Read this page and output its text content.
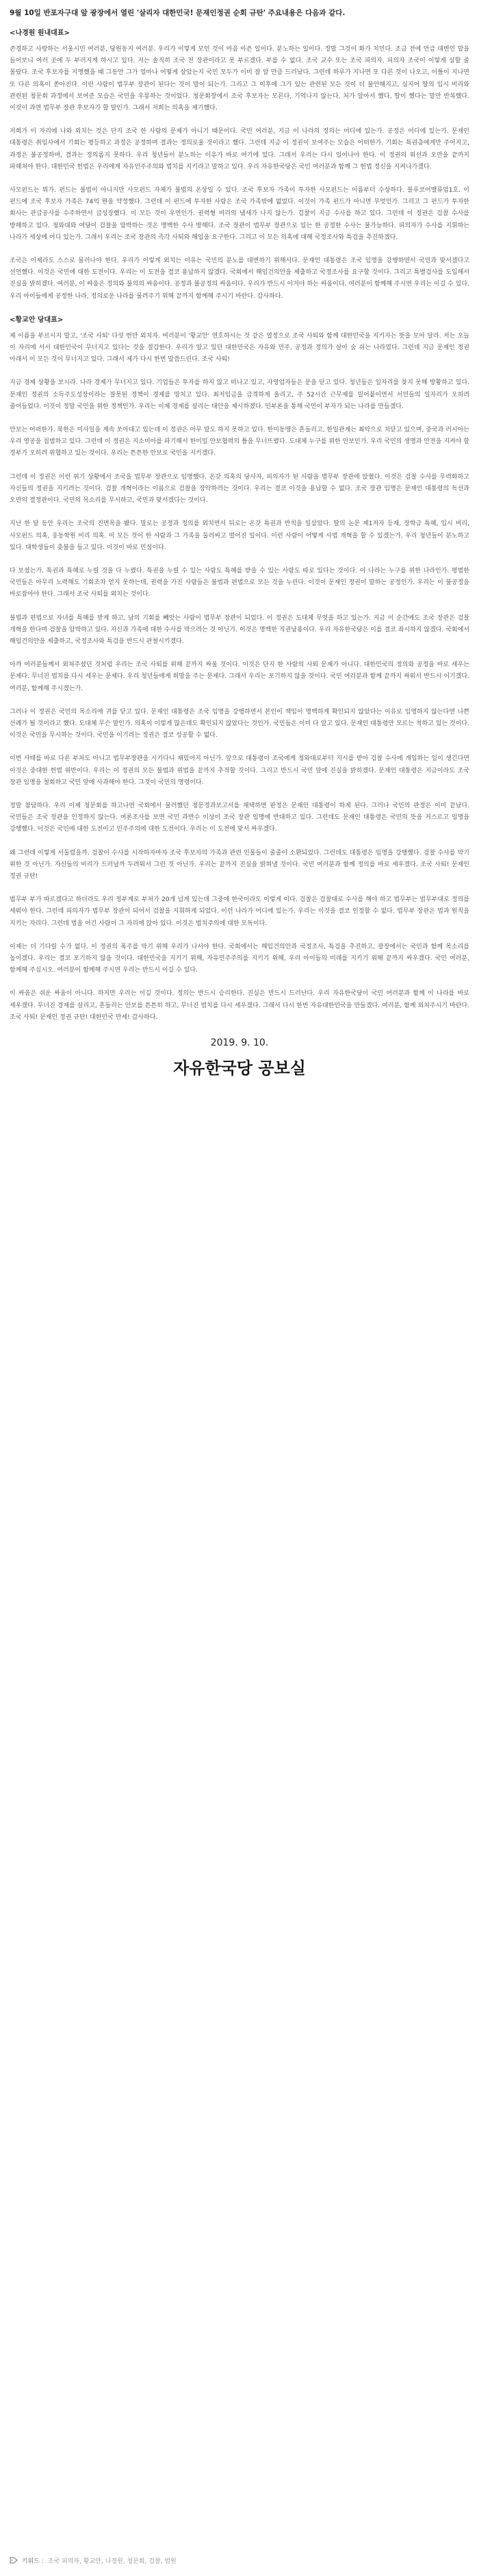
9월 10일 반포자구대 앞 광장에서 열린 '살리자 대한민국! 문재인정권 순회 규탄' 주요내용은 다음과 같다.
<나경원 원내대표>

존경하고 사랑하는 서울시민 여러분, 당원동지 여러분. 우리가 이렇게 모인 것이 마음 아픈 일이다. 분노하는 일이다. 정말 그것이 화가 치민다. 조금 전에 언급 대변인 말을 들어보니 여러 곳에 두 부러지게 하시고 있다. 저는 솔직히 조국 전 장관이라고 못 부르겠다. 부를 수 없다. 조국 교수 또는 조국 피의자. 피의자 조국이 이렇게 심할 줄 몰랐다. 조국 후보자를 지명했을 때 그동안 그가 얼마나 어떻게 살았는지 국민 모두가 이미 잘 알 만큼 드러났다. 그런데 하루가 지나면 또 다른 것이 나오고, 이틀이 지나면 또 다른 의혹이 쏟아진다. 이런 사람이 법무부 장관이 된다는 것이 말이 되는가. 그리고 그 이후에 그가 있는 관련된 모든 것이 더 불안해지고, 심지어 딸의 입시 비리와 관련된 청문회 과정에서 보여준 모습은 국민을 우롱하는 것이었다. 청문회장에서 조국 후보자는 모른다, 기억나지 않는다, 처가 알아서 했다, 딸이 했다는 말만 반복했다. 이것이 과연 법무부 장관 후보자가 할 말인가. 그래서 저희는 의혹을 제기했다.

저희가 이 자리에 나와 외치는 것은 단지 조국 한 사람의 문제가 아니기 때문이다. 국민 여러분, 지금 이 나라의 정의는 어디에 있는가. 공정은 어디에 있는가. 문재인 대통령은 취임사에서 기회는 평등하고 과정은 공정하며 결과는 정의로울 것이라고 했다. 그런데 지금 이 정권이 보여주는 모습은 어떠한가. 기회는 특권층에게만 주어지고, 과정은 불공정하며, 결과는 정의롭지 못하다. 우리 청년들이 분노하는 이유가 바로 여기에 있다. 그래서 우리는 다시 일어나야 한다. 이 정권의 위선과 오만을 끝까지 파헤쳐야 한다. 대한민국 헌법은 우리에게 자유민주주의와 법치를 지키라고 말하고 있다. 우리 자유한국당은 국민 여러분과 함께 그 헌법 정신을 지켜나가겠다.

사모펀드는 뭐가. 펀드는 불법이 아니지만 사모펀드 자체가 불법의 온상일 수 있다. 조국 후보자 가족이 투자한 사모펀드는 이름부터 수상하다. 블루코어밸류업1호. 이 펀드에 조국 후보자 가족은 74억 원을 약정했다. 그런데 이 펀드에 투자한 사람은 조국 가족밖에 없었다. 이것이 가족 펀드가 아니면 무엇인가. 그리고 그 펀드가 투자한 회사는 관급공사를 수주하면서 급성장했다. 이 모든 것이 우연인가. 권력형 비리의 냄새가 나지 않는가. 검찰이 지금 수사를 하고 있다. 그런데 이 정권은 검찰 수사를 방해하고 있다. 청와대와 여당이 검찰을 압박하는 것은 명백한 수사 방해다. 조국 장관이 법무부 장관으로 있는 한 공정한 수사는 불가능하다. 피의자가 수사를 지휘하는 나라가 세상에 어디 있는가. 그래서 우리는 조국 장관의 즉각 사퇴와 해임을 요구한다. 그리고 이 모든 의혹에 대해 국정조사와 특검을 추진하겠다.

조국은 이제라도 스스로 물러나야 한다. 우리가 이렇게 외치는 이유는 국민의 분노를 대변하기 위해서다. 문재인 대통령은 조국 임명을 강행하면서 국민과 맞서겠다고 선언했다. 이것은 국민에 대한 도전이다. 우리는 이 도전을 결코 용납하지 않겠다. 국회에서 해임건의안을 제출하고 국정조사를 요구할 것이다. 그리고 특별검사를 도입해서 진실을 밝히겠다. 여러분, 이 싸움은 정의와 불의의 싸움이다. 공정과 불공정의 싸움이다. 우리가 반드시 이겨야 하는 싸움이다. 여러분이 함께해 주시면 우리는 이길 수 있다. 우리 아이들에게 공정한 나라, 정의로운 나라를 물려주기 위해 끝까지 함께해 주시기 바란다. 감사하다.

<황교안 당대표>

제 이름을 부르시지 말고, '조국 사퇴' 다섯 번만 외치자. 여러분이 '황교안' 연호하시는 것 같은 열정으로 조국 사퇴와 함께 대한민국을 지키자는 뜻을 모아 달라. 저는 오늘 이 자리에 서서 대한민국이 무너지고 있다는 것을 절감한다. 우리가 알고 있던 대한민국은 자유와 민주, 공정과 정의가 살아 숨 쉬는 나라였다. 그런데 지금 문재인 정권 아래서 이 모든 것이 무너지고 있다. 그래서 제가 다시 한번 말씀드린다. 조국 사퇴!

지금 경제 상황을 보시라. 나라 경제가 무너지고 있다. 기업들은 투자를 하지 않고 떠나고 있고, 자영업자들은 문을 닫고 있다. 청년들은 일자리를 찾지 못해 방황하고 있다. 문재인 정권의 소득주도성장이라는 잘못된 정책이 경제를 망치고 있다. 최저임금을 급격하게 올리고, 주 52시간 근무제를 밀어붙이면서 서민들의 일자리가 오히려 줄어들었다. 이것이 정말 국민을 위한 정책인가. 우리는 이제 경제를 살리는 대안을 제시하겠다. 민부론을 통해 국민이 부자가 되는 나라를 만들겠다.

안보는 어떠한가. 북한은 미사일을 계속 쏘아대고 있는데 이 정권은 아무 말도 하지 못하고 있다. 한미동맹은 흔들리고, 한일관계는 최악으로 치닫고 있으며, 중국과 러시아는 우리 영공을 침범하고 있다. 그런데 이 정권은 지소미아를 파기해서 한미일 안보협력의 틀을 무너뜨렸다. 도대체 누구를 위한 안보인가. 우리 국민의 생명과 안전을 지켜야 할 정부가 오히려 위협하고 있는 것이다. 우리는 튼튼한 안보로 국민을 지키겠다.

그런데 이 정권은 이런 위기 상황에서 조국을 법무부 장관으로 임명했다. 온갖 의혹의 당사자, 피의자가 된 사람을 법무부 장관에 앉혔다. 이것은 검찰 수사를 무력화하고 자신들의 정권을 지키려는 것이다. 검찰 개혁이라는 이름으로 검찰을 장악하려는 것이다. 우리는 결코 이것을 용납할 수 없다. 조국 장관 임명은 문재인 대통령의 독선과 오만의 결정판이다. 국민의 목소리를 무시하고, 국민과 맞서겠다는 것이다.

지난 한 달 동안 우리는 조국의 진면목을 봤다. 말로는 공정과 정의를 외치면서 뒤로는 온갖 특권과 반칙을 일삼았다. 딸의 논문 제1저자 등재, 장학금 특혜, 입시 비리, 사모펀드 의혹, 웅동학원 비리 의혹. 이 모든 것이 한 사람과 그 가족을 둘러싸고 벌어진 일이다. 이런 사람이 어떻게 사법 개혁을 할 수 있겠는가. 우리 청년들이 분노하고 있다. 대학생들이 촛불을 들고 있다. 이것이 바로 민심이다.

다 보셨는가. 특권과 특혜로 누릴 것을 다 누렸다. 특권을 누릴 수 있는 사람도 특혜를 받을 수 있는 사람도 따로 있다는 것이다. 이 나라는 누구를 위한 나라인가. 평범한 국민들은 아무리 노력해도 기회조차 얻지 못하는데, 권력을 가진 사람들은 불법과 편법으로 모든 것을 누린다. 이것이 문재인 정권이 말하는 공정인가. 우리는 이 불공정을 바로잡아야 한다. 그래서 조국 사퇴를 외치는 것이다.

불법과 편법으로 자녀를 특혜를 받게 하고, 남의 기회를 빼앗는 사람이 법무부 장관이 되었다. 이 정권은 도대체 무엇을 하고 있는가. 지금 이 순간에도 조국 장관은 검찰 개혁을 한다며 검찰을 압박하고 있다. 자신과 가족에 대한 수사를 막으려는 것 아닌가. 이것은 명백한 직권남용이다. 우리 자유한국당은 이를 결코 좌시하지 않겠다. 국회에서 해임건의안을 제출하고, 국정조사와 특검을 반드시 관철시키겠다.

아까 여러분들께서 외쳐주셨던 것처럼 우리는 조국 사퇴를 위해 끝까지 싸울 것이다. 이것은 단지 한 사람의 사퇴 문제가 아니다. 대한민국의 정의와 공정을 바로 세우는 문제다. 무너진 법치를 다시 세우는 문제다. 우리 청년들에게 희망을 주는 문제다. 그래서 우리는 포기하지 않을 것이다. 국민 여러분과 함께 끝까지 싸워서 반드시 이기겠다. 여러분, 함께해 주시겠는가.

그러나 이 정권은 국민의 목소리에 귀를 닫고 있다. 문재인 대통령은 조국 임명을 강행하면서 본인이 책임이 명백하게 확인되지 않았다는 이유로 임명하지 않는다면 나쁜 선례가 될 것이라고 했다. 도대체 무슨 말인가. 의혹이 이렇게 많은데도 확인되지 않았다는 것인가. 국민들은 이미 다 알고 있다. 문재인 대통령만 모르는 척하고 있는 것이다. 이것은 국민을 무시하는 것이다. 국민을 이기려는 정권은 결코 성공할 수 없다.

이번 사태를 바로 다른 부처도 아니고 법무부장관을 시키다니 재밌어지 아닌가. 앞으로 대통령이 조국에게 청와대로부터 지시를 받아 검찰 수사에 개입하는 일이 생긴다면 이것은 중대한 헌법 위반이다. 우리는 이 정권의 모든 불법과 위법을 끝까지 추적할 것이다. 그리고 반드시 국민 앞에 진실을 밝히겠다. 문재인 대통령은 지금이라도 조국 장관 임명을 철회하고 국민 앞에 사과해야 한다. 그것이 국민의 명령이다.

정말 참담하다. 우리 이제 청문회를 하고나면 국회에서 불러했던 청문경과보고서를 채택하면 판정은 문재인 대통령이 하게 된다. 그러나 국민의 판정은 이미 끝났다. 국민들은 조국 장관을 인정하지 않는다. 여론조사를 보면 국민 과반수 이상이 조국 장관 임명에 반대하고 있다. 그런데도 문재인 대통령은 국민의 뜻을 거스르고 임명을 강행했다. 이것은 국민에 대한 도전이고 민주주의에 대한 도전이다. 우리는 이 도전에 맞서 싸우겠다.

왜 그런데 이렇게 서둘렀을까. 검찰이 수사를 시작하자마자 조국 후보자의 가족과 관련 인물들이 줄줄이 소환되었다. 그런데도 대통령은 임명을 강행했다. 검찰 수사를 막기 위한 것 아닌가. 자신들의 비리가 드러날까 두려워서 그런 것 아닌가. 우리는 끝까지 진실을 밝혀낼 것이다. 국민 여러분과 함께 정의를 바로 세우겠다. 조국 사퇴! 문재인 정권 규탄!

법무부 부가 따르겠다고 하더라도 우리 정부계로 부처가 20개 넘게 있는데 그중에 한국이라도 이렇게 이다. 검찰은 검찰대로 수사를 해야 하고 법무부는 법무부대로 정의를 세워야 한다. 그런데 피의자가 법무부 장관이 되어서 검찰을 지휘하게 되었다. 이런 나라가 어디에 있는가. 우리는 이것을 결코 인정할 수 없다. 법무부 장관은 법과 원칙을 지키는 자리다. 그런데 법을 어긴 사람이 그 자리에 앉아 있다. 이것은 법치주의에 대한 모독이다.

이제는 더 기다릴 수가 없다. 이 정권의 폭주를 막기 위해 우리가 나서야 한다. 국회에서는 해임건의안과 국정조사, 특검을 추진하고, 광장에서는 국민과 함께 목소리를 높이겠다. 우리는 결코 포기하지 않을 것이다. 대한민국을 지키기 위해, 자유민주주의를 지키기 위해, 우리 아이들의 미래를 지키기 위해 끝까지 싸우겠다. 국민 여러분, 함께해 주십시오. 여러분이 함께해 주시면 우리는 반드시 이길 수 있다.

이 싸움은 쉬운 싸움이 아니다. 하지만 우리는 이길 것이다. 정의는 반드시 승리한다. 진실은 반드시 드러난다. 우리 자유한국당이 국민 여러분과 함께 이 나라를 바로 세우겠다. 무너진 경제를 살리고, 흔들리는 안보를 튼튼히 하고, 무너진 법치를 다시 세우겠다. 그래서 다시 한번 자유대한민국을 만들겠다. 여러분, 함께 외쳐주시기 바란다. 조국 사퇴! 문재인 정권 규탄! 대한민국 만세! 감사하다.

2019. 9. 10.

자유한국당 공보실

키워드 : 조국 피의자, 황교안, 나경원, 청문회, 검찰, 법원
